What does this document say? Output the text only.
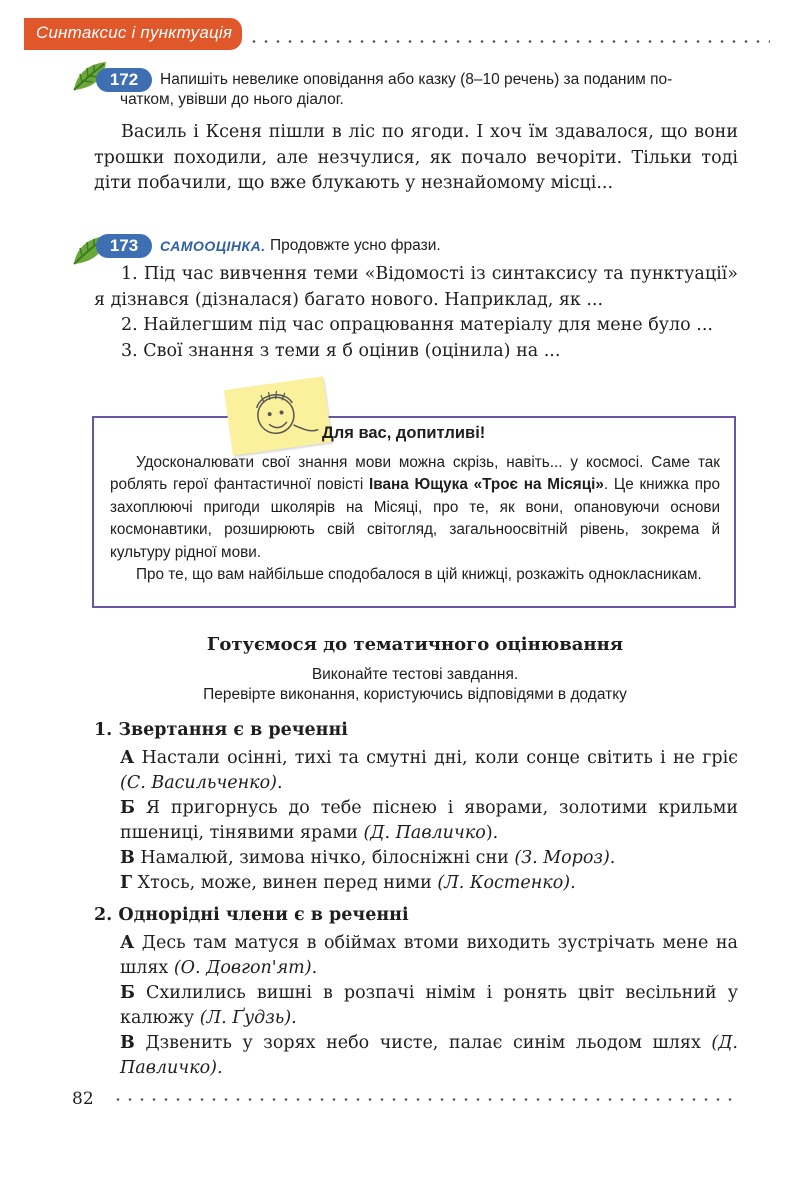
Синтаксис і пунктуація
172	Напишіть невелике оповідання або казку (8–10 речень) за поданим по-
чатком, увівши до нього діалог.
Василь і Ксеня пішли в ліс по ягоди. І хоч їм здавалося, що вони трошки походили, але незчулися, як почало вечоріти. Тільки тоді діти побачили, що вже блукають у незнайомому місці...
173	САМООЦІНКА. Продовжте усно фрази.

1. Під час вивчення теми «Відомості із синтаксису та пунктуації» я дізнався (дізналася) багато нового. Наприклад, як ...

2. Найлегшим під час опрацювання матеріалу для мене було ...

3. Свої знання з теми я б оцінив (оцінила) на ...

Для вас, допитливі!

Удосконалювати свої знання мови можна скрізь, навіть... у космосі. Саме так роблять герої фантастичної повісті Івана Ющука «Троє на Місяці». Це книжка про захоплюючі пригоди школярів на Місяці, про те, як вони, опановуючи основи космонавтики, розширюють свій світогляд, загальноосвітній рівень, зокрема й культуру рідної мови.

Про те, що вам найбільше сподобалося в цій книжці, розкажіть однокласникам.

Готуємося до тематичного оцінювання
Виконайте тестові завдання.
Перевірте виконання, користуючись відповідями в додатку
1. Звертання є в реченні

А Настали осінні, тихі та смутні дні, коли сонце світить і не гріє (С. Васильченко).

Б Я пригорнусь до тебе піснею і яворами, золотими крильми пшениці, тінявими ярами (Д. Павличко).

В Намалюй, зимова нічко, білосніжні сни (З. Мороз).

Г Хтось, може, винен перед ними (Л. Костенко).

2. Однорідні члени є в реченні

А Десь там матуся в обіймах втоми виходить зустрічать мене на шлях (О. Довгоп'ят).

Б Схилились вишні в розпачі німім і ронять цвіт весільний у калюжу (Л. Ґудзь).

В Дзвенить у зорях небо чисте, палає синім льодом шлях (Д. Павличко).

82
